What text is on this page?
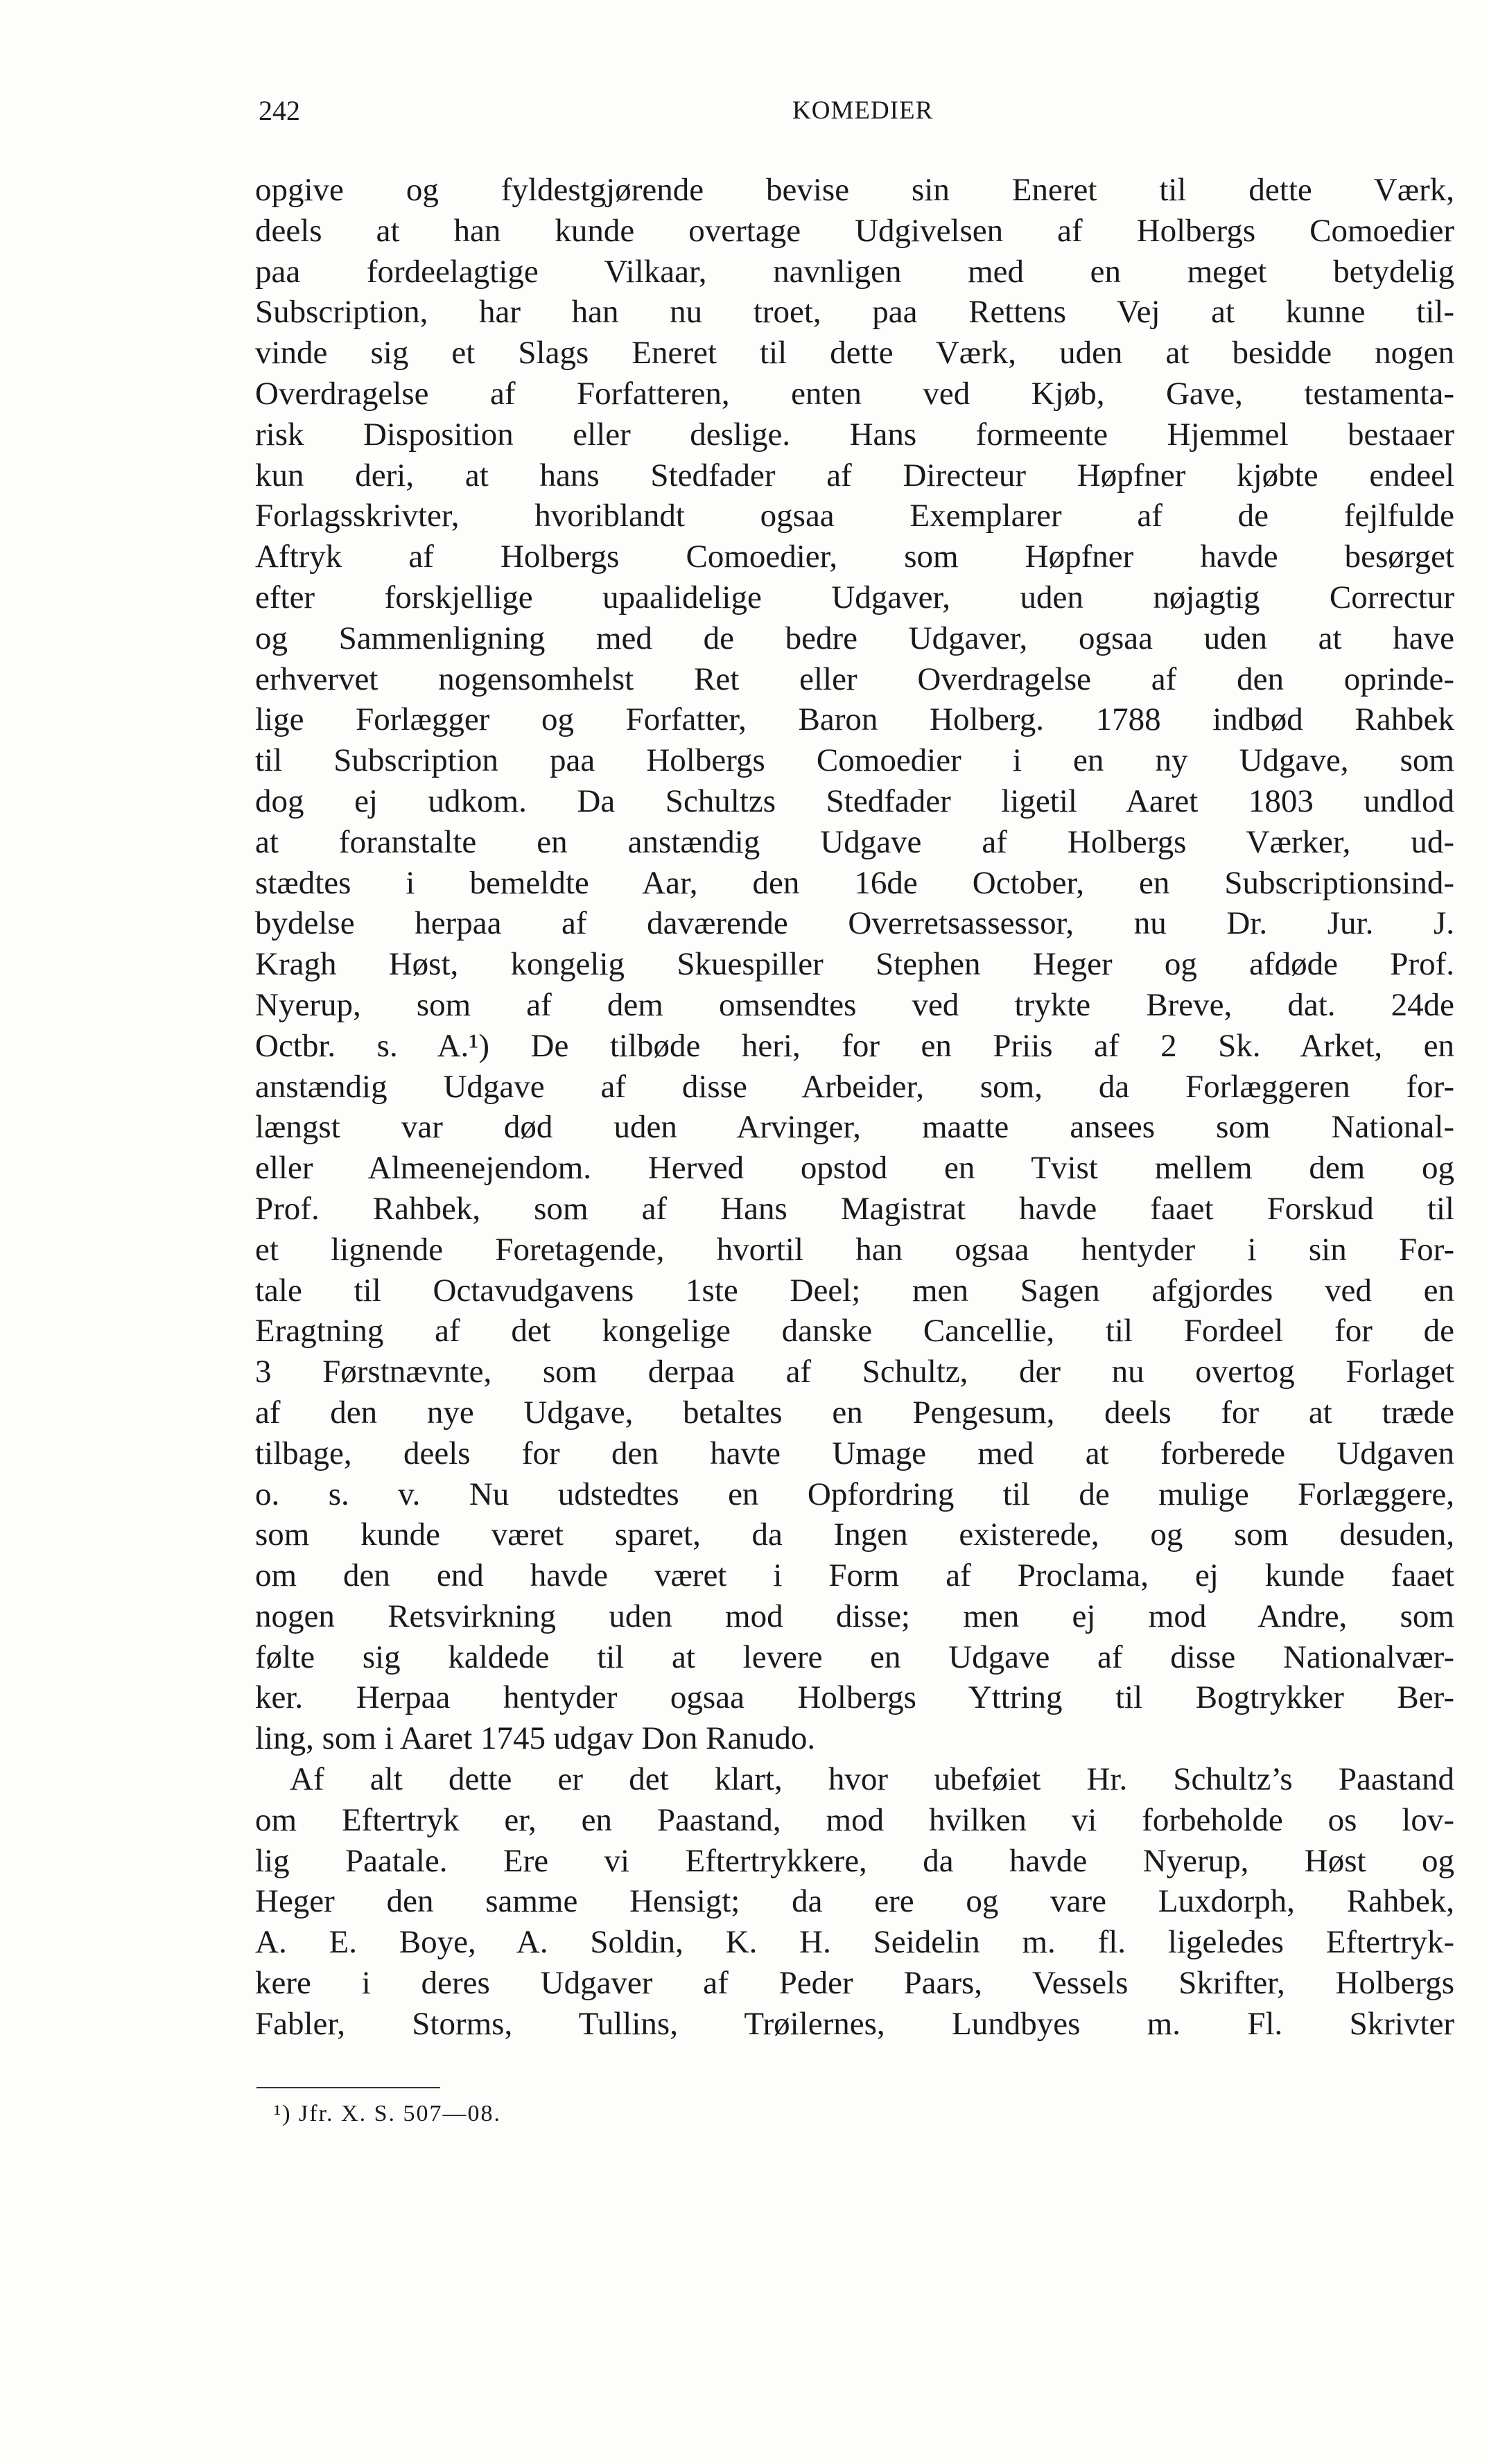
242	KOMEDIER
opgive og fyldestgjørende bevise sin Eneret til dette Værk,
deels at han kunde overtage Udgivelsen af Holbergs Comoedier
paa fordeelagtige Vilkaar, navnligen med en meget betydelig
Subscription, har han nu troet, paa Rettens Vej at kunne til-
vinde sig et Slags Eneret til dette Værk, uden at besidde nogen
Overdragelse af Forfatteren, enten ved Kjøb, Gave, testamenta-
risk Disposition eller deslige. Hans formeente Hjemmel bestaaer
kun deri, at hans Stedfader af Directeur Høpfner kjøbte endeel
Forlagsskrivter, hvoriblandt ogsaa Exemplarer af de fejlfulde
Aftryk af Holbergs Comoedier, som Høpfner havde besørget
efter forskjellige upaalidelige Udgaver, uden nøjagtig Correctur
og Sammenligning med de bedre Udgaver, ogsaa uden at have
erhvervet nogensomhelst Ret eller Overdragelse af den oprinde-
lige Forlægger og Forfatter, Baron Holberg. 1788 indbød Rahbek
til Subscription paa Holbergs Comoedier i en ny Udgave, som
dog ej udkom. Da Schultzs Stedfader ligetil Aaret 1803 undlod
at foranstalte en anstændig Udgave af Holbergs Værker, ud-
stædtes i bemeldte Aar, den 16de October, en Subscriptionsind-
bydelse herpaa af daværende Overretsassessor, nu Dr. Jur. J.
Kragh Høst, kongelig Skuespiller Stephen Heger og afdøde Prof.
Nyerup, som af dem omsendtes ved trykte Breve, dat. 24de
Octbr. s. A.¹) De tilbøde heri, for en Priis af 2 Sk. Arket, en
anstændig Udgave af disse Arbeider, som, da Forlæggeren for-
længst var død uden Arvinger, maatte ansees som National-
eller Almeenejendom. Herved opstod en Tvist mellem dem og
Prof. Rahbek, som af Hans Magistrat havde faaet Forskud til
et lignende Foretagende, hvortil han ogsaa hentyder i sin For-
tale til Octavudgavens 1ste Deel; men Sagen afgjordes ved en
Eragtning af det kongelige danske Cancellie, til Fordeel for de
3 Førstnævnte, som derpaa af Schultz, der nu overtog Forlaget
af den nye Udgave, betaltes en Pengesum, deels for at træde
tilbage, deels for den havte Umage med at forberede Udgaven
o. s. v. Nu udstedtes en Opfordring til de mulige Forlæggere,
som kunde været sparet, da Ingen existerede, og som desuden,
om den end havde været i Form af Proclama, ej kunde faaet
nogen Retsvirkning uden mod disse; men ej mod Andre, som
følte sig kaldede til at levere en Udgave af disse Nationalvær-
ker. Herpaa hentyder ogsaa Holbergs Yttring til Bogtrykker Ber-
ling, som i Aaret 1745 udgav Don Ranudo.
Af alt dette er det klart, hvor ubeføiet Hr. Schultz’s Paastand
om Eftertryk er, en Paastand, mod hvilken vi forbeholde os lov-
lig Paatale. Ere vi Eftertrykkere, da havde Nyerup, Høst og
Heger den samme Hensigt; da ere og vare Luxdorph, Rahbek,
A. E. Boye, A. Soldin, K. H. Seidelin m. fl. ligeledes Eftertryk-
kere i deres Udgaver af Peder Paars, Vessels Skrifter, Holbergs
Fabler, Storms, Tullins, Trøilernes, Lundbyes m. Fl. Skrivter
¹) Jfr. X. S. 507—08.
